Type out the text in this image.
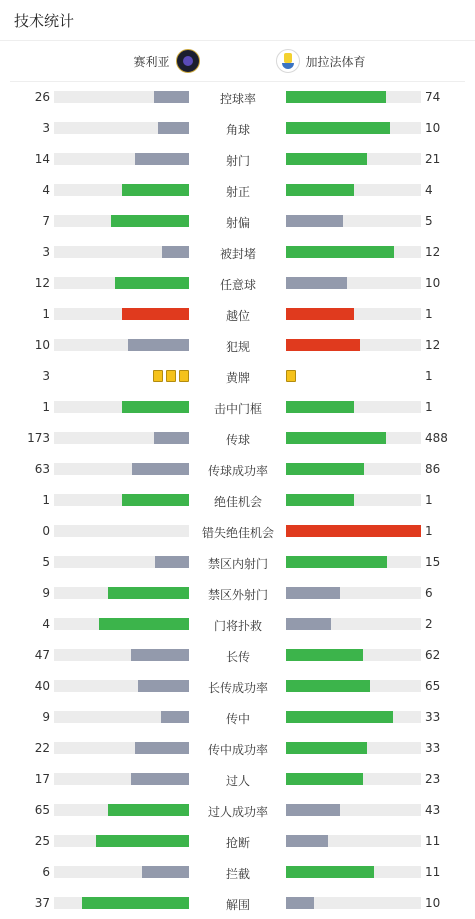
技术统计
赛利亚	加拉法体育
26	控球率	74
3	角球	10
14	射门	21
4	射正	4
7	射偏	5
3	被封堵	12
12	任意球	10
1	越位	1
10	犯规	12
3	黄牌	1
1	击中门框	1
173	传球	488
63	传球成功率	86
1	绝佳机会	1
0	错失绝佳机会	1
5	禁区内射门	15
9	禁区外射门	6
4	门将扑救	2
47	长传	62
40	长传成功率	65
9	传中	33
22	传中成功率	33
17	过人	23
65	过人成功率	43
25	抢断	11
6	拦截	11
37	解围	10
